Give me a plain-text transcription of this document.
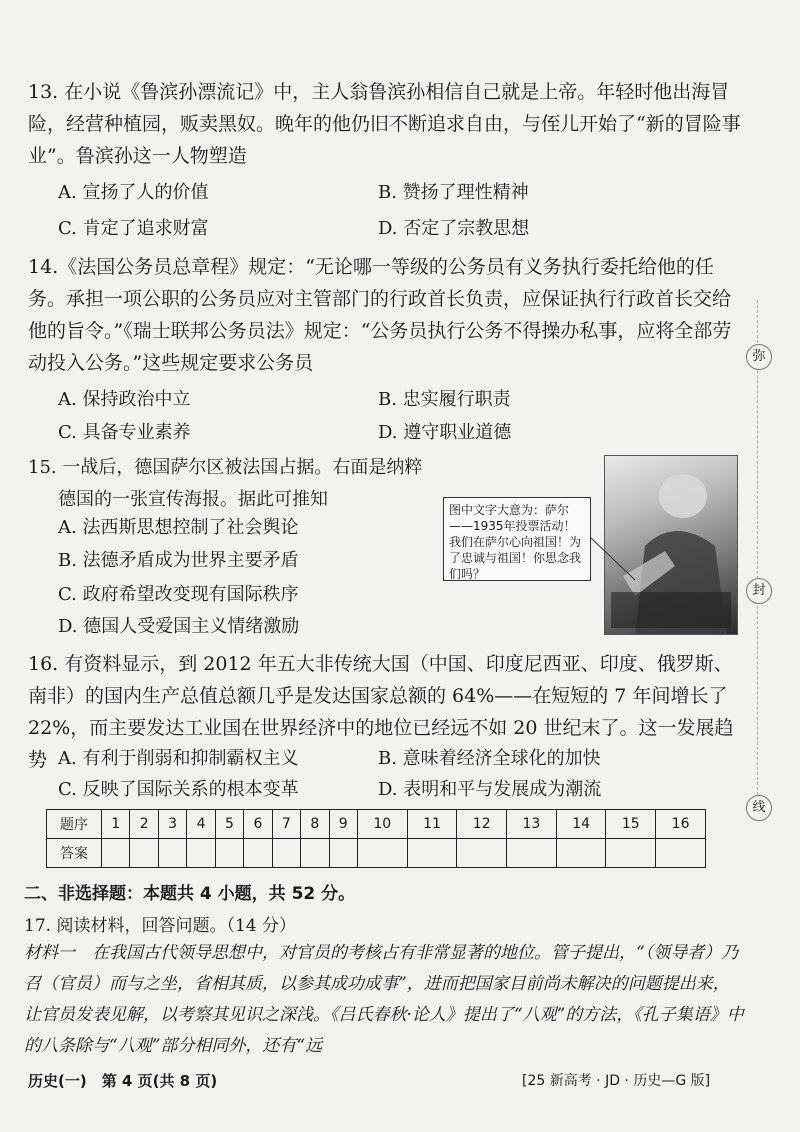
弥
封
线
13. 在小说《鲁滨孙漂流记》中，主人翁鲁滨孙相信自己就是上帝。年轻时他出海冒险，经营种植园，贩卖黑奴。晚年的他仍旧不断追求自由，与侄儿开始了“新的冒险事业”。鲁滨孙这一人物塑造
A. 宣扬了人的价值	B. 赞扬了理性精神
C. 肯定了追求财富	D. 否定了宗教思想
14.《法国公务员总章程》规定：“无论哪一等级的公务员有义务执行委托给他的任务。承担一项公职的公务员应对主管部门的行政首长负责，应保证执行行政首长交给他的旨令。”《瑞士联邦公务员法》规定：“公务员执行公务不得操办私事，应将全部劳动投入公务。”这些规定要求公务员
A. 保持政治中立	B. 忠实履行职责
C. 具备专业素养	D. 遵守职业道德
15. 一战后，德国萨尔区被法国占据。右面是纳粹
德国的一张宣传海报。据此可推知
A. 法西斯思想控制了社会舆论
B. 法德矛盾成为世界主要矛盾
C. 政府希望改变现有国际秩序
D. 德国人受爱国主义情绪激励
图中文字大意为：萨尔——1935年投票活动！我们在萨尔心向祖国！为了忠诚与祖国！你思念我们吗？
16. 有资料显示，到 2012 年五大非传统大国（中国、印度尼西亚、印度、俄罗斯、南非）的国内生产总值总额几乎是发达国家总额的 64%——在短短的 7 年间增长了 22%，而主要发达工业国在世界经济中的地位已经远不如 20 世纪末了。这一发展趋势 A. 有利于削弱和抑制霸权主义	B. 意味着经济全球化的加快
C. 反映了国际关系的根本变革	D. 表明和平与发展成为潮流
题序	1	2	3	4	5	6	7	8	9	10	11	12	13	14	15	16
答案																
二、非选择题：本题共 4 小题，共 52 分。
17. 阅读材料，回答问题。（14 分）
材料一　在我国古代领导思想中，对官员的考核占有非常显著的地位。管子提出，“（领导者）乃召（官员）而与之坐，省相其质，以参其成功成事”，进而把国家目前尚未解决的问题提出来，让官员发表见解，以考察其见识之深浅。《吕氏春秋·论人》提出了“八观”的方法，《孔子集语》中的八条除与“八观”部分相同外，还有“远
历史(一)　第 4 页(共 8 页)	[25 新高考 · JD · 历史—G 版]
